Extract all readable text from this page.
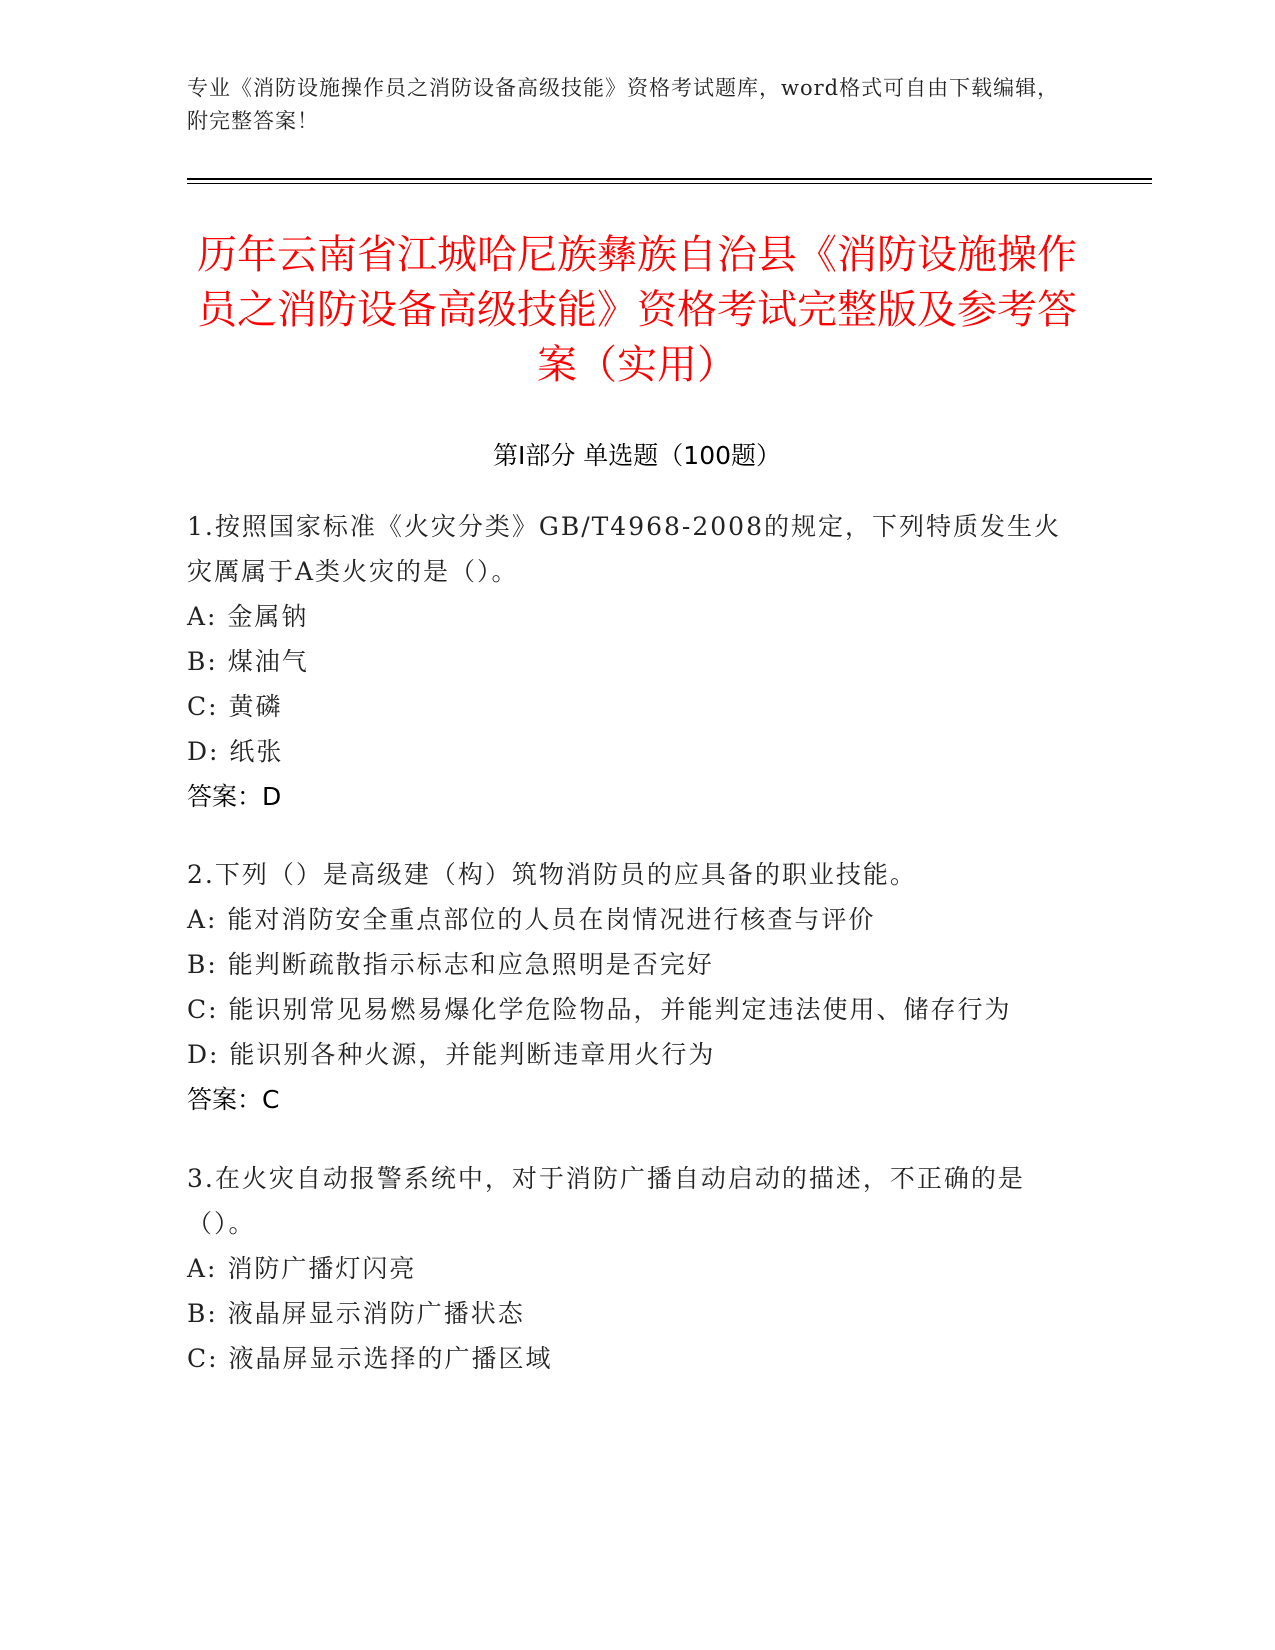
专业《消防设施操作员之消防设备高级技能》资格考试题库，word格式可自由下载编辑，附完整答案！
历年云南省江城哈尼族彝族自治县《消防设施操作员之消防设备高级技能》资格考试完整版及参考答案（实用）
第Ⅰ部分 单选题（100题）

1.按照国家标准《火灾分类》GB/T4968-2008的规定，下列特质发生火灾厲属于A类火灾的是（）。

A: 金属钠

B: 煤油气

C: 黄磷

D: 纸张

答案：D

2.下列（）是高级建（构）筑物消防员的应具备的职业技能。

A: 能对消防安全重点部位的人员在岗情况进行核查与评价

B: 能判断疏散指示标志和应急照明是否完好

C: 能识别常见易燃易爆化学危险物品，并能判定违法使用、储存行为

D: 能识别各种火源，并能判断违章用火行为

答案：C

3.在火灾自动报警系统中，对于消防广播自动启动的描述，不正确的是（）。

A: 消防广播灯闪亮

B: 液晶屏显示消防广播状态

C: 液晶屏显示选择的广播区域
